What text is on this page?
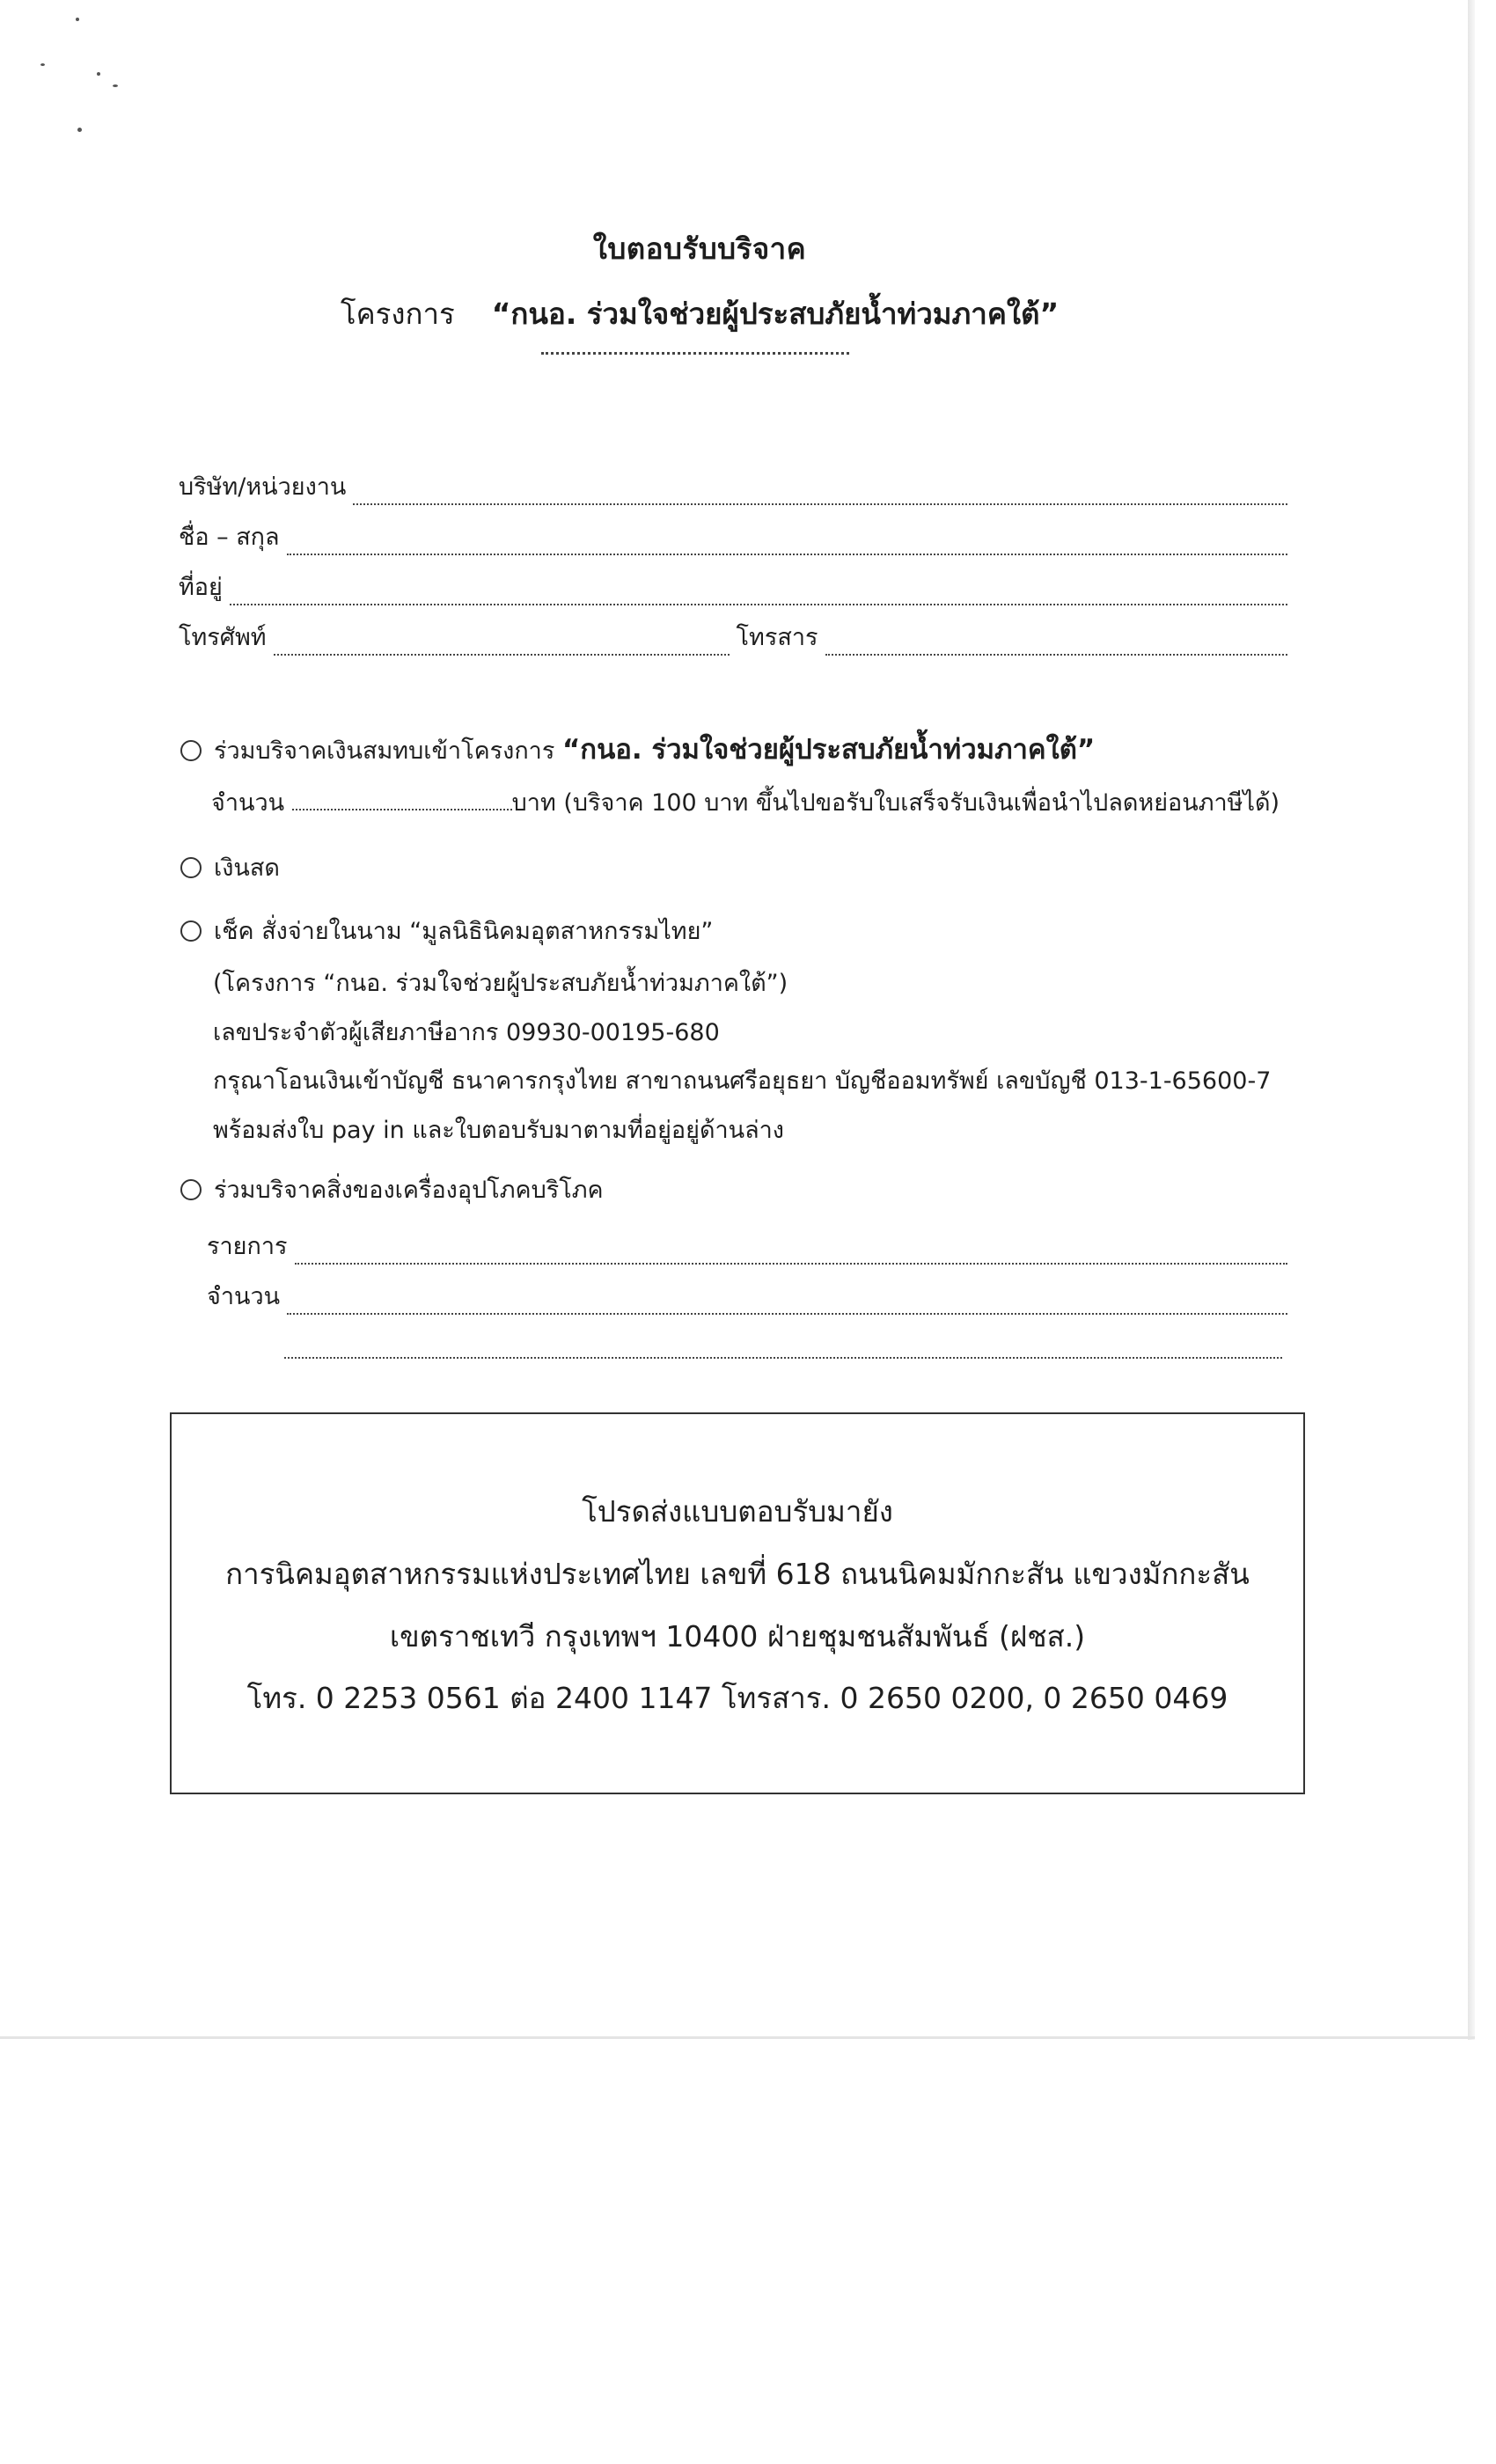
ใบตอบรับบริจาค
โครงการ “กนอ. ร่วมใจช่วยผู้ประสบภัยน้ำท่วมภาคใต้”
บริษัท/หน่วยงาน
ชื่อ – สกุล
ที่อยู่
โทรศัพท์	โทรสาร
ร่วมบริจาคเงินสมทบเข้าโครงการ “กนอ. ร่วมใจช่วยผู้ประสบภัยน้ำท่วมภาคใต้”
จำนวน	บาท (บริจาค 100 บาท ขึ้นไปขอรับใบเสร็จรับเงินเพื่อนำไปลดหย่อนภาษีได้)
เงินสด
เช็ค สั่งจ่ายในนาม “มูลนิธินิคมอุตสาหกรรมไทย”
(โครงการ “กนอ. ร่วมใจช่วยผู้ประสบภัยน้ำท่วมภาคใต้”)
เลขประจำตัวผู้เสียภาษีอากร 09930-00195-680
กรุณาโอนเงินเข้าบัญชี ธนาคารกรุงไทย สาขาถนนศรีอยุธยา บัญชีออมทรัพย์ เลขบัญชี 013-1-65600-7
พร้อมส่งใบ pay in และใบตอบรับมาตามที่อยู่อยู่ด้านล่าง
ร่วมบริจาคสิ่งของเครื่องอุปโภคบริโภค
รายการ
จำนวน
โปรดส่งแบบตอบรับมายัง
การนิคมอุตสาหกรรมแห่งประเทศไทย เลขที่ 618 ถนนนิคมมักกะสัน แขวงมักกะสัน
เขตราชเทวี กรุงเทพฯ 10400 ฝ่ายชุมชนสัมพันธ์ (ฝชส.)
โทร. 0 2253 0561 ต่อ 2400 1147 โทรสาร. 0 2650 0200, 0 2650 0469
